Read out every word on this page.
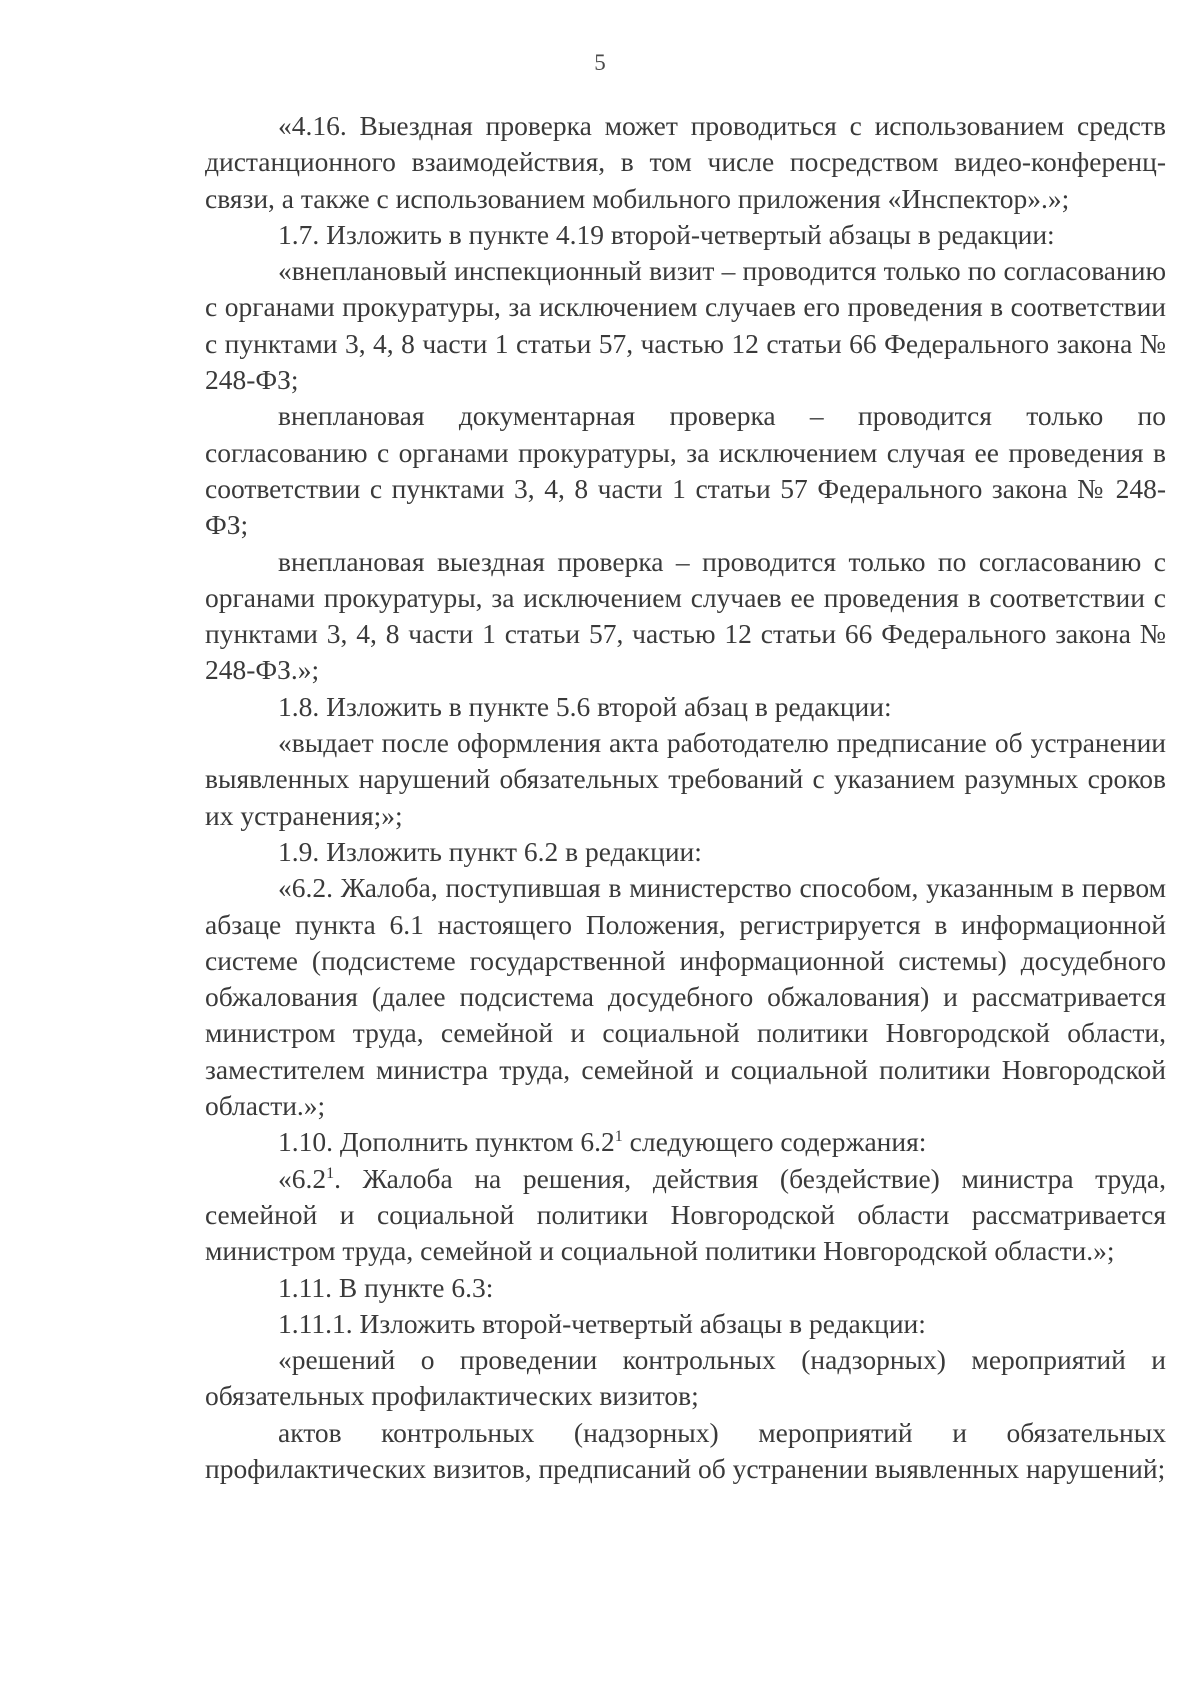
5

«4.16. Выездная проверка может проводиться с использованием средств дистанционного взаимодействия, в том числе посредством видео-конференц-связи, а также с использованием мобильного приложения «Инспектор».»;

1.7. Изложить в пункте 4.19 второй-четвертый абзацы в редакции:

«внеплановый инспекционный визит – проводится только по согласованию с органами прокуратуры, за исключением случаев его проведения в соответствии с пунктами 3, 4, 8 части 1 статьи 57, частью 12 статьи 66 Федерального закона № 248-ФЗ;

внеплановая документарная проверка – проводится только по согласованию с органами прокуратуры, за исключением случая ее проведения в соответствии с пунктами 3, 4, 8 части 1 статьи 57 Федерального закона № 248-ФЗ;

внеплановая выездная проверка – проводится только по согласованию с органами прокуратуры, за исключением случаев ее проведения в соответствии с пунктами 3, 4, 8 части 1 статьи 57, частью 12 статьи 66 Федерального закона № 248-ФЗ.»;

1.8. Изложить в пункте 5.6 второй абзац в редакции:

«выдает после оформления акта работодателю предписание об устранении выявленных нарушений обязательных требований с указанием разумных сроков их устранения;»;

1.9. Изложить пункт 6.2 в редакции:

«6.2. Жалоба, поступившая в министерство способом, указанным в первом абзаце пункта 6.1 настоящего Положения, регистрируется в информационной системе (подсистеме государственной информационной системы) досудебного обжалования (далее подсистема досудебного обжалования) и рассматривается министром труда, семейной и социальной политики Новгородской области, заместителем министра труда, семейной и социальной политики Новгородской области.»;

1.10. Дополнить пунктом $6.2^1$ следующего содержания:

«$6.2^1$. Жалоба на решения, действия (бездействие) министра труда, семейной и социальной политики Новгородской области рассматривается министром труда, семейной и социальной политики Новгородской области.»;

1.11. В пункте 6.3:

1.11.1. Изложить второй-четвертый абзацы в редакции:

«решений о проведении контрольных (надзорных) мероприятий и обязательных профилактических визитов;

актов контрольных (надзорных) мероприятий и обязательных профилактических визитов, предписаний об устранении выявленных нарушений;
